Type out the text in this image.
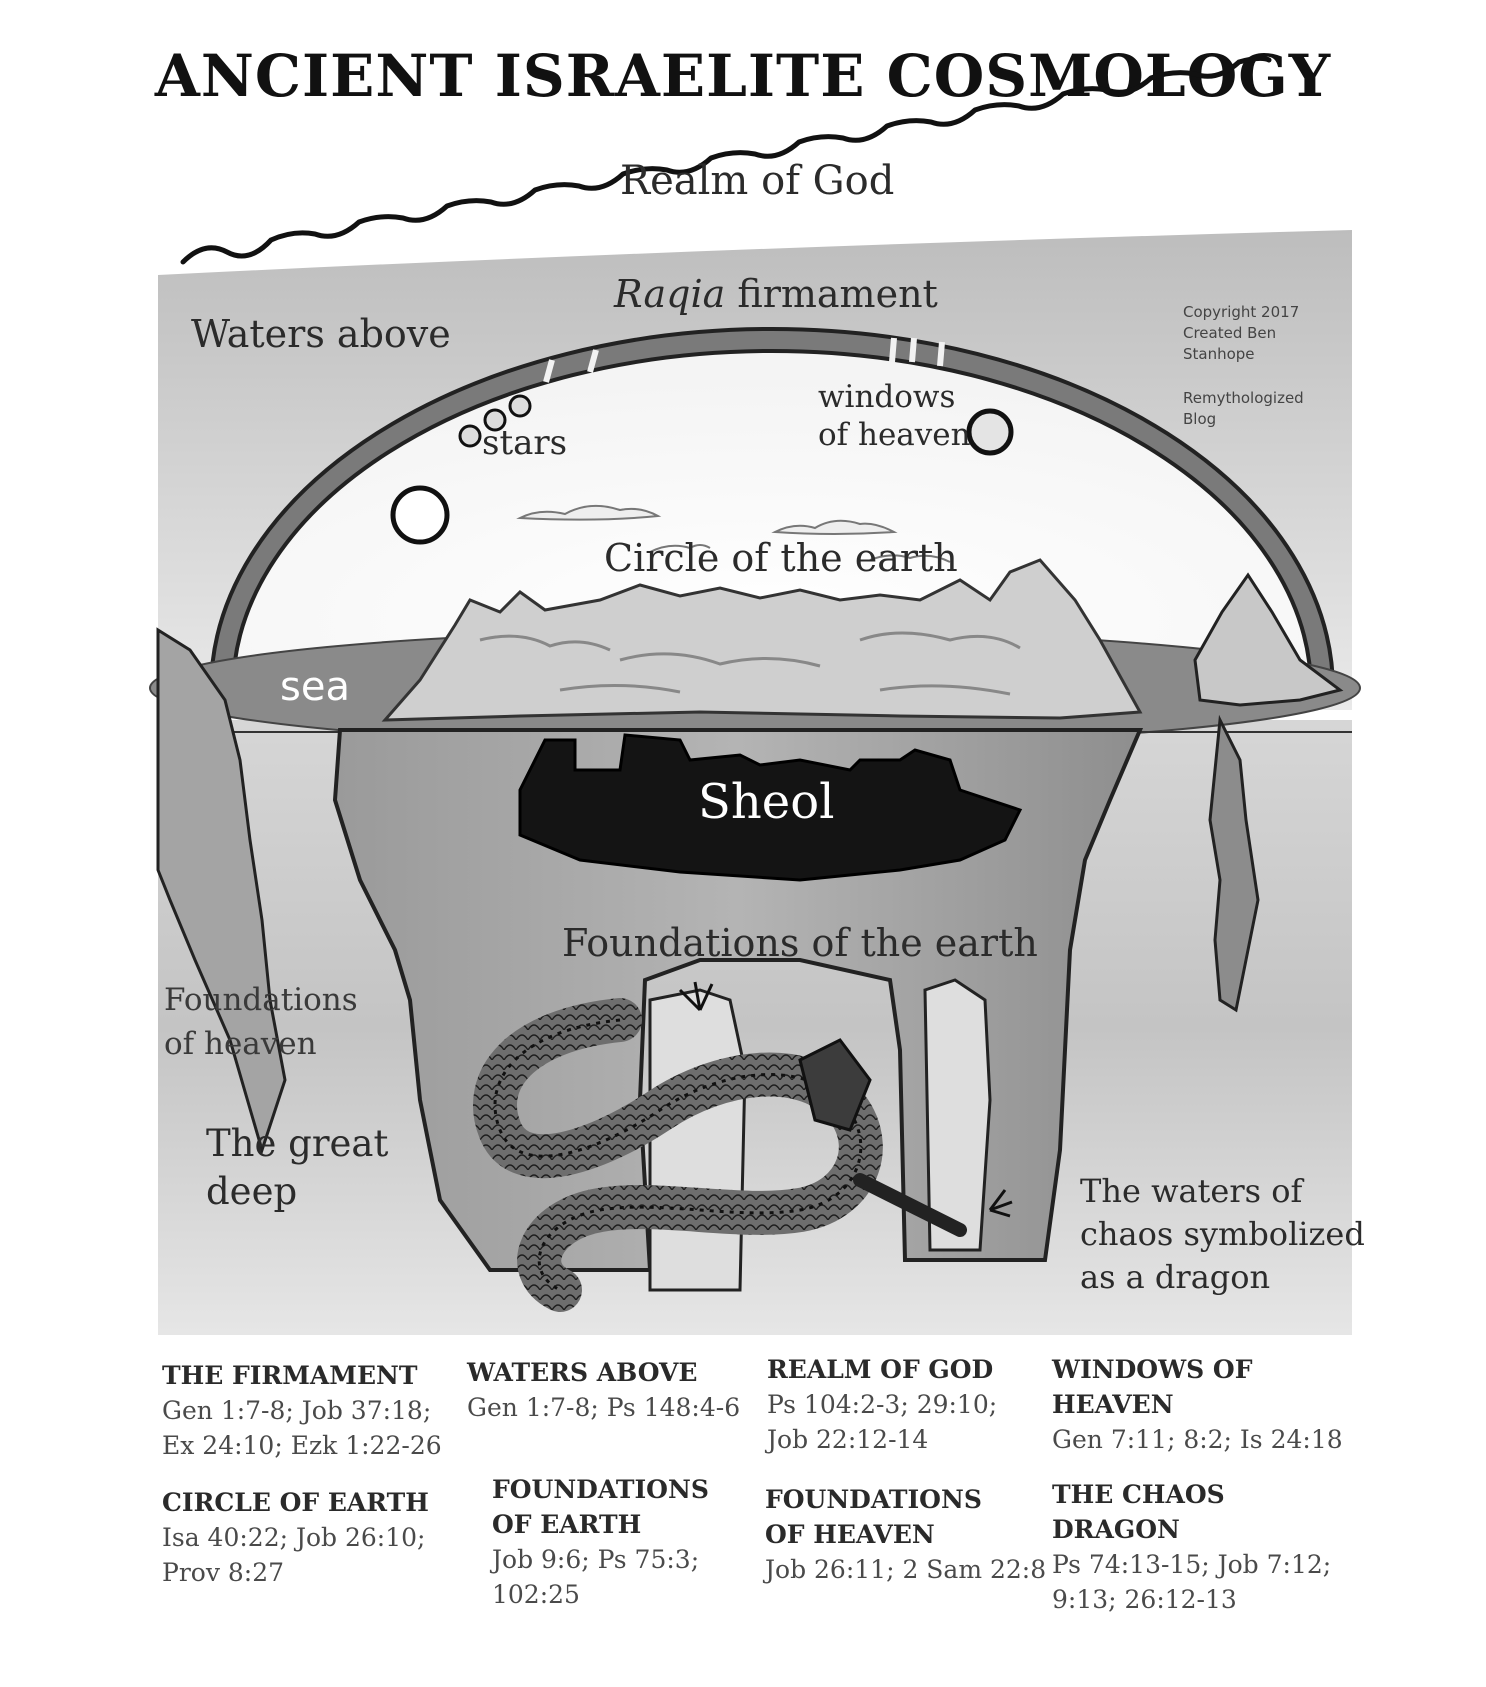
ANCIENT ISRAELITE COSMOLOGY
Realm of God
Raqia firmament
Waters above	Copyright 2017
Created Ben
Stanhope
Remythologized
Blog
windows
of heaven
stars
Circle of the earth
sea
Sheol
Foundations of the earth
Foundations
of heaven
The great
deep	The waters of
chaos symbolized
as a dragon
THE FIRMAMENT
Gen 1:7-8; Job 37:18;
Ex 24:10; Ezk 1:22-26
CIRCLE OF EARTH
Isa 40:22; Job 26:10;
Prov 8:27
WATERS ABOVE
Gen 1:7-8; Ps 148:4-6
FOUNDATIONS
OF EARTH
Job 9:6; Ps 75:3;
102:25
REALM OF GOD
Ps 104:2-3; 29:10;
Job 22:12-14
FOUNDATIONS
OF HEAVEN
Job 26:11; 2 Sam 22:8
WINDOWS OF
HEAVEN
Gen 7:11; 8:2; Is 24:18
THE CHAOS
DRAGON
Ps 74:13-15; Job 7:12;
9:13; 26:12-13
